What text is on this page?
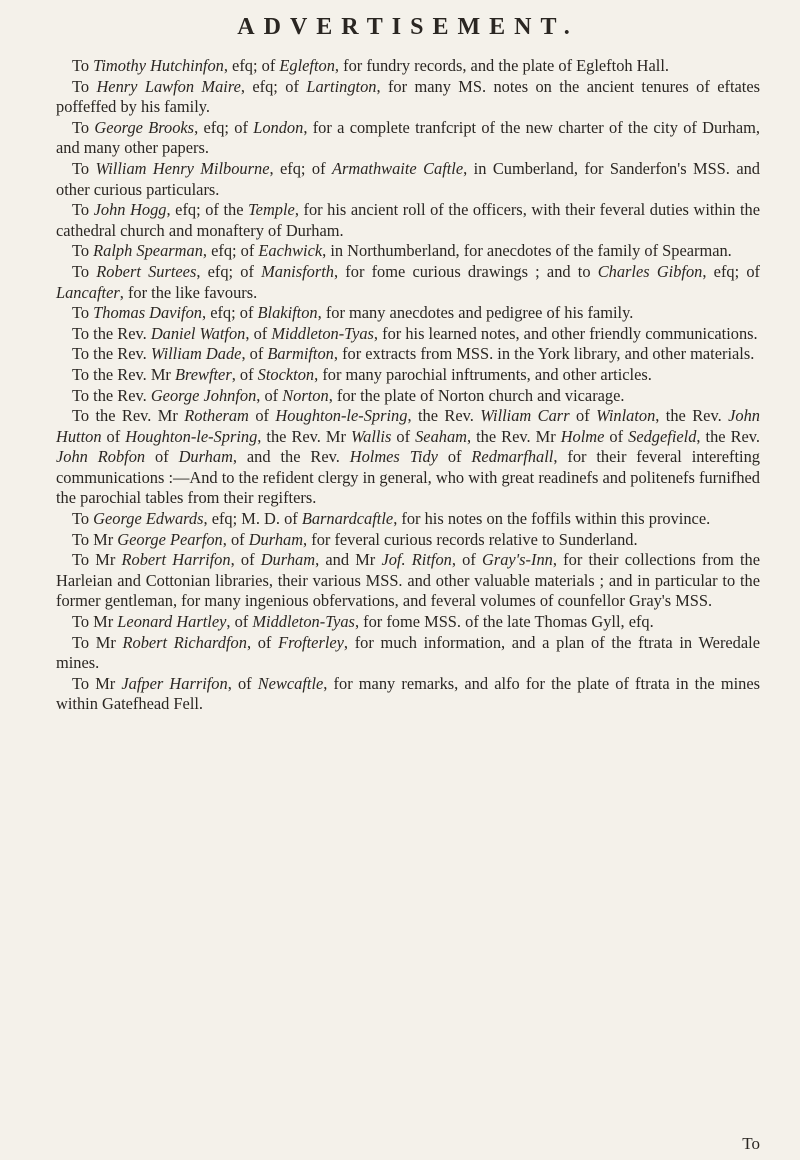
ADVERTISEMENT.

To Timothy Hutchinfon, efq; of Eglefton, for fundry records, and the plate of Egleftoh Hall.

To Henry Lawfon Maire, efq; of Lartington, for many MS. notes on the ancient tenures of eftates poffeffed by his family.

To George Brooks, efq; of London, for a complete tranfcript of the new charter of the city of Durham, and many other papers.

To William Henry Milbourne, efq; of Armathwaite Caftle, in Cumberland, for Sanderfon's MSS. and other curious particulars.

To John Hogg, efq; of the Temple, for his ancient roll of the officers, with their feveral duties within the cathedral church and monaftery of Durham.

To Ralph Spearman, efq; of Eachwick, in Northumberland, for anecdotes of the family of Spearman.

To Robert Surtees, efq; of Manisforth, for fome curious drawings ; and to Charles Gibfon, efq; of Lancafter, for the like favours.

To Thomas Davifon, efq; of Blakifton, for many anecdotes and pedigree of his family.

To the Rev. Daniel Watfon, of Middleton-Tyas, for his learned notes, and other friendly communications.

To the Rev. William Dade, of Barmifton, for extracts from MSS. in the York library, and other materials.

To the Rev. Mr Brewfter, of Stockton, for many parochial inftruments, and other articles.

To the Rev. George Johnfon, of Norton, for the plate of Norton church and vicarage.

To the Rev. Mr Rotheram of Houghton-le-Spring, the Rev. William Carr of Winlaton, the Rev. John Hutton of Houghton-le-Spring, the Rev. Mr Wallis of Seaham, the Rev. Mr Holme of Sedgefield, the Rev. John Robfon of Durham, and the Rev. Holmes Tidy of Redmarfhall, for their feveral interefting communications :—And to the refident clergy in general, who with great readinefs and politenefs furnifhed the parochial tables from their regifters.

To George Edwards, efq; M. D. of Barnardcaftle, for his notes on the foffils within this province.

To Mr George Pearfon, of Durham, for feveral curious records relative to Sunderland.

To Mr Robert Harrifon, of Durham, and Mr Jof. Ritfon, of Gray's-Inn, for their collections from the Harleian and Cottonian libraries, their various MSS. and other valuable materials ; and in particular to the former gentleman, for many ingenious obfervations, and feveral volumes of counfellor Gray's MSS.

To Mr Leonard Hartley, of Middleton-Tyas, for fome MSS. of the late Thomas Gyll, efq.

To Mr Robert Richardfon, of Frofterley, for much information, and a plan of the ftrata in Weredale mines.

To Mr Jafper Harrifon, of Newcaftle, for many remarks, and alfo for the plate of ftrata in the mines within Gatefhead Fell.

To
